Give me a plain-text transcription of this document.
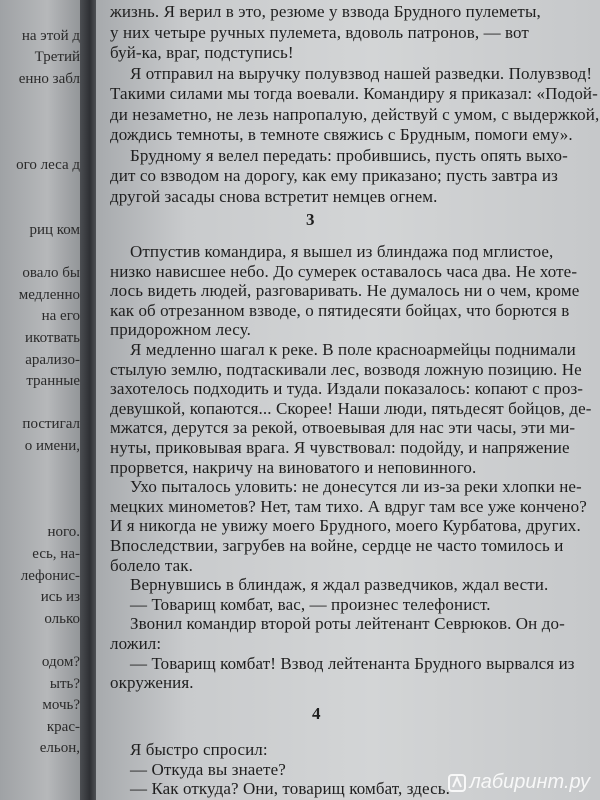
на этой д
Третий
енно забл
ого леса д
риц ком
овало бы
медленно
на его
икотвать
арализо-
транные
постигал
о имени,
ного.
есь, на-
лефонис-
ись из
олько
одом?
ыть?
мочь?
крас-
ельон,
3
4
жизнь. Я верил в это, резюме у взвода Брудного пулеметы,
у них четыре ручных пулемета, вдоволь патронов, — вот
буй-ка, враг, подступись!
Я отправил на выручку полувзвод нашей разведки. Полувзвод!
Такими силами мы тогда воевали. Командиру я приказал: «Подой-
ди незаметно, не лезь напропалую, действуй с умом, с выдержкой,
дождись темноты, в темноте свяжись с Брудным, помоги ему».
Брудному я велел передать: пробившись, пусть опять выхо-
дит со взводом на дорогу, как ему приказано; пусть завтра из
другой засады снова встретит немцев огнем.
Отпустив командира, я вышел из блиндажа под мглистое,
низко нависшее небо. До сумерек оставалось часа два. Не хоте-
лось видеть людей, разговаривать. Не думалось ни о чем, кроме
как об отрезанном взводе, о пятидесяти бойцах, что борются в
придорожном лесу.
Я медленно шагал к реке. В поле красноармейцы поднимали
стылую землю, подтаскивали лес, возводя ложную позицию. Не
захотелось подходить и туда. Издали показалось: копают с проз-
девушкой, копаются... Скорее! Наши люди, пятьдесят бойцов, де-
мжатся, дерутся за рекой, отвоевывая для нас эти часы, эти ми-
нуты, приковывая врага. Я чувствовал: подойду, и напряжение
прорвется, накричу на виноватого и неповинного.
Ухо пыталось уловить: не донесутся ли из-за реки хлопки не-
мецких минометов? Нет, там тихо. А вдруг там все уже кончено?
И я никогда не увижу моего Брудного, моего Курбатова, других.
Впоследствии, загрубев на войне, сердце не часто томилось и
болело так.
Вернувшись в блиндаж, я ждал разведчиков, ждал вести.
— Товарищ комбат, вас, — произнес телефонист.
Звонил командир второй роты лейтенант Севрюков. Он до-
ложил:
— Товарищ комбат! Взвод лейтенанта Брудного вырвался из
окружения.
Я быстро спросил:
— Откуда вы знаете?
— Как откуда? Они, товарищ комбат, здесь. лабиринт.ру
